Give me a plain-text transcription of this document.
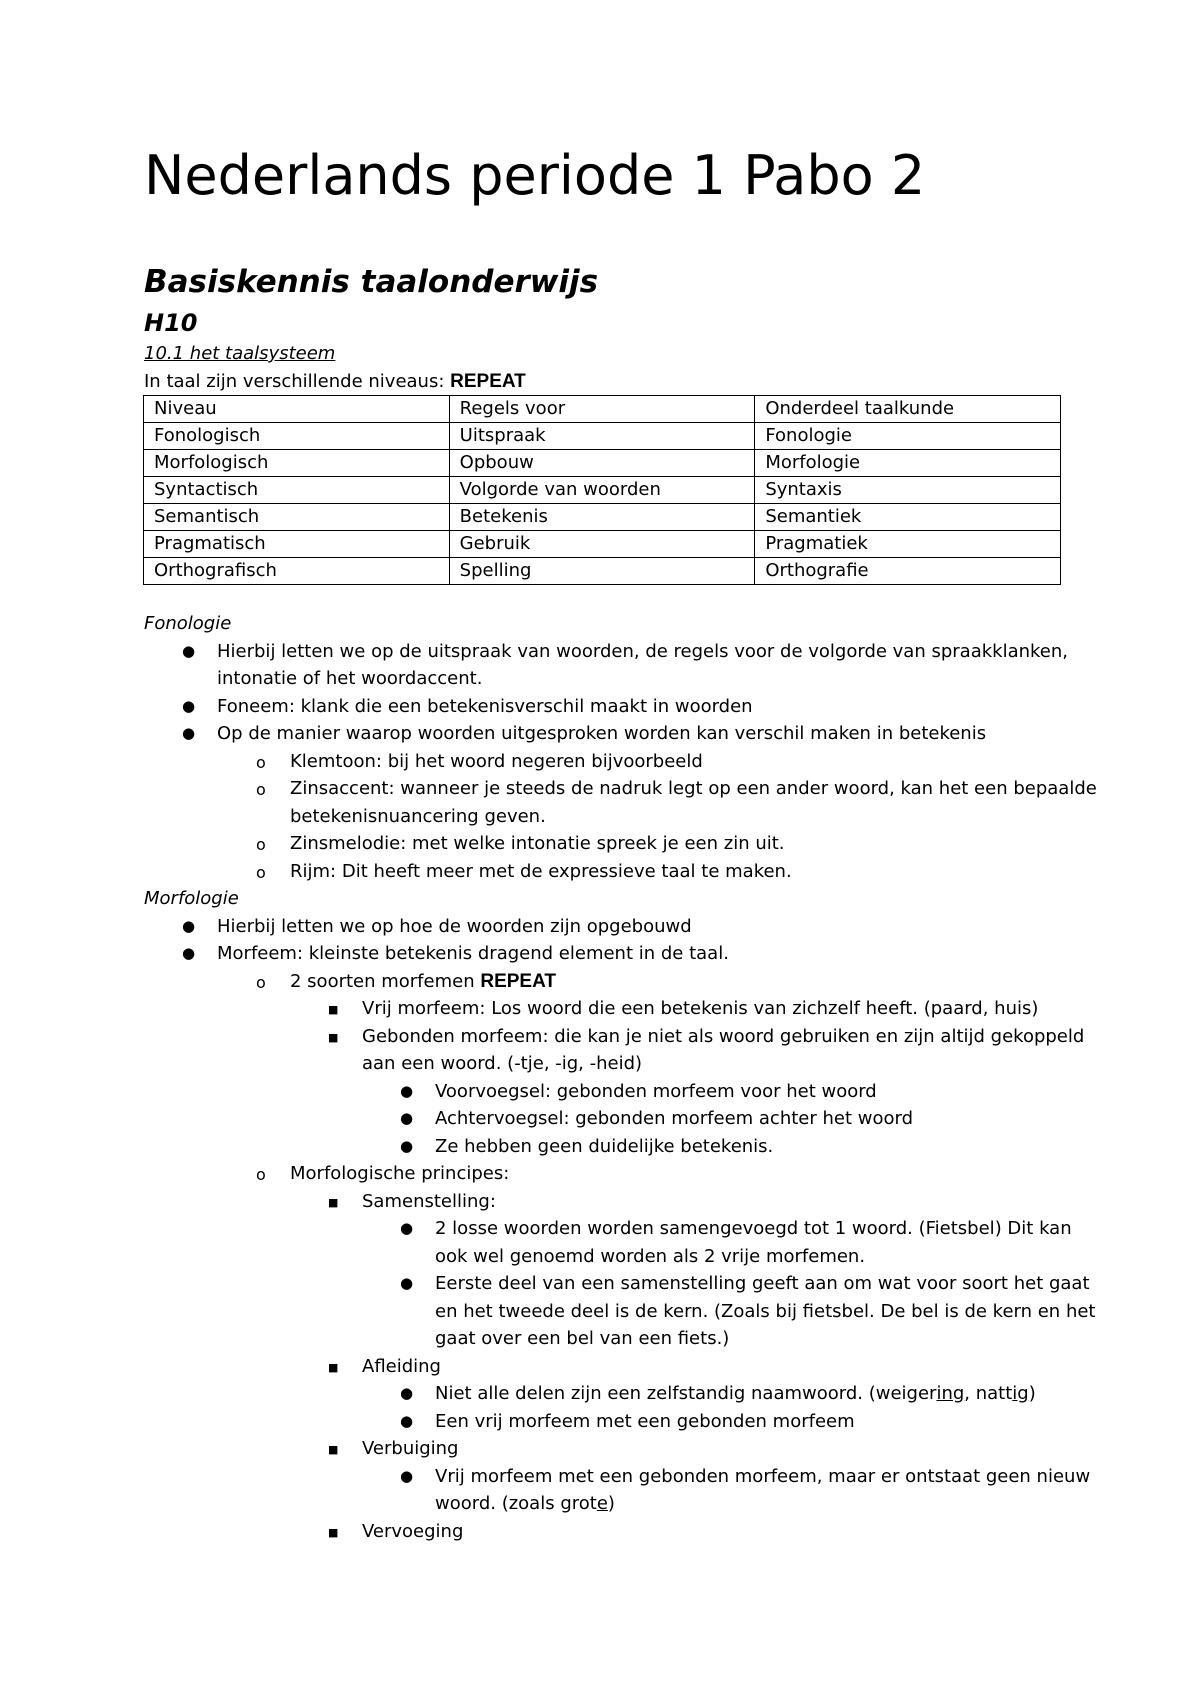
Nederlands periode 1 Pabo 2
Basiskennis taalonderwijs
H10

10.1 het taalsysteem

In taal zijn verschillende niveaus: REPEAT

Niveau	Regels voor	Onderdeel taalkunde
Fonologisch	Uitspraak	Fonologie
Morfologisch	Opbouw	Morfologie
Syntactisch	Volgorde van woorden	Syntaxis
Semantisch	Betekenis	Semantiek
Pragmatisch	Gebruik	Pragmatiek
Orthografisch	Spelling	Orthografie

Fonologie

● Hierbij letten we op de uitspraak van woorden, de regels voor de volgorde van spraakklanken, intonatie of het woordaccent.
● Foneem: klank die een betekenisverschil maakt in woorden
● Op de manier waarop woorden uitgesproken worden kan verschil maken in betekenis
o Klemtoon: bij het woord negeren bijvoorbeeld
o Zinsaccent: wanneer je steeds de nadruk legt op een ander woord, kan het een bepaalde betekenisnuancering geven.
o Zinsmelodie: met welke intonatie spreek je een zin uit.
o Rijm: Dit heeft meer met de expressieve taal te maken.

Morfologie

● Hierbij letten we op hoe de woorden zijn opgebouwd
● Morfeem: kleinste betekenis dragend element in de taal.
o 2 soorten morfemen REPEAT
■ Vrij morfeem: Los woord die een betekenis van zichzelf heeft. (paard, huis)
■ Gebonden morfeem: die kan je niet als woord gebruiken en zijn altijd gekoppeld aan een woord. (-tje, -ig, -heid)
● Voorvoegsel: gebonden morfeem voor het woord
● Achtervoegsel: gebonden morfeem achter het woord
● Ze hebben geen duidelijke betekenis.
o Morfologische principes:
■ Samenstelling:
● 2 losse woorden worden samengevoegd tot 1 woord. (Fietsbel) Dit kan ook wel genoemd worden als 2 vrije morfemen.
● Eerste deel van een samenstelling geeft aan om wat voor soort het gaat en het tweede deel is de kern. (Zoals bij fietsbel. De bel is de kern en het gaat over een bel van een fiets.)
■ Afleiding
● Niet alle delen zijn een zelfstandig naamwoord. (weigering, nattig)
● Een vrij morfeem met een gebonden morfeem
■ Verbuiging
● Vrij morfeem met een gebonden morfeem, maar er ontstaat geen nieuw woord. (zoals grote)
■ Vervoeging
